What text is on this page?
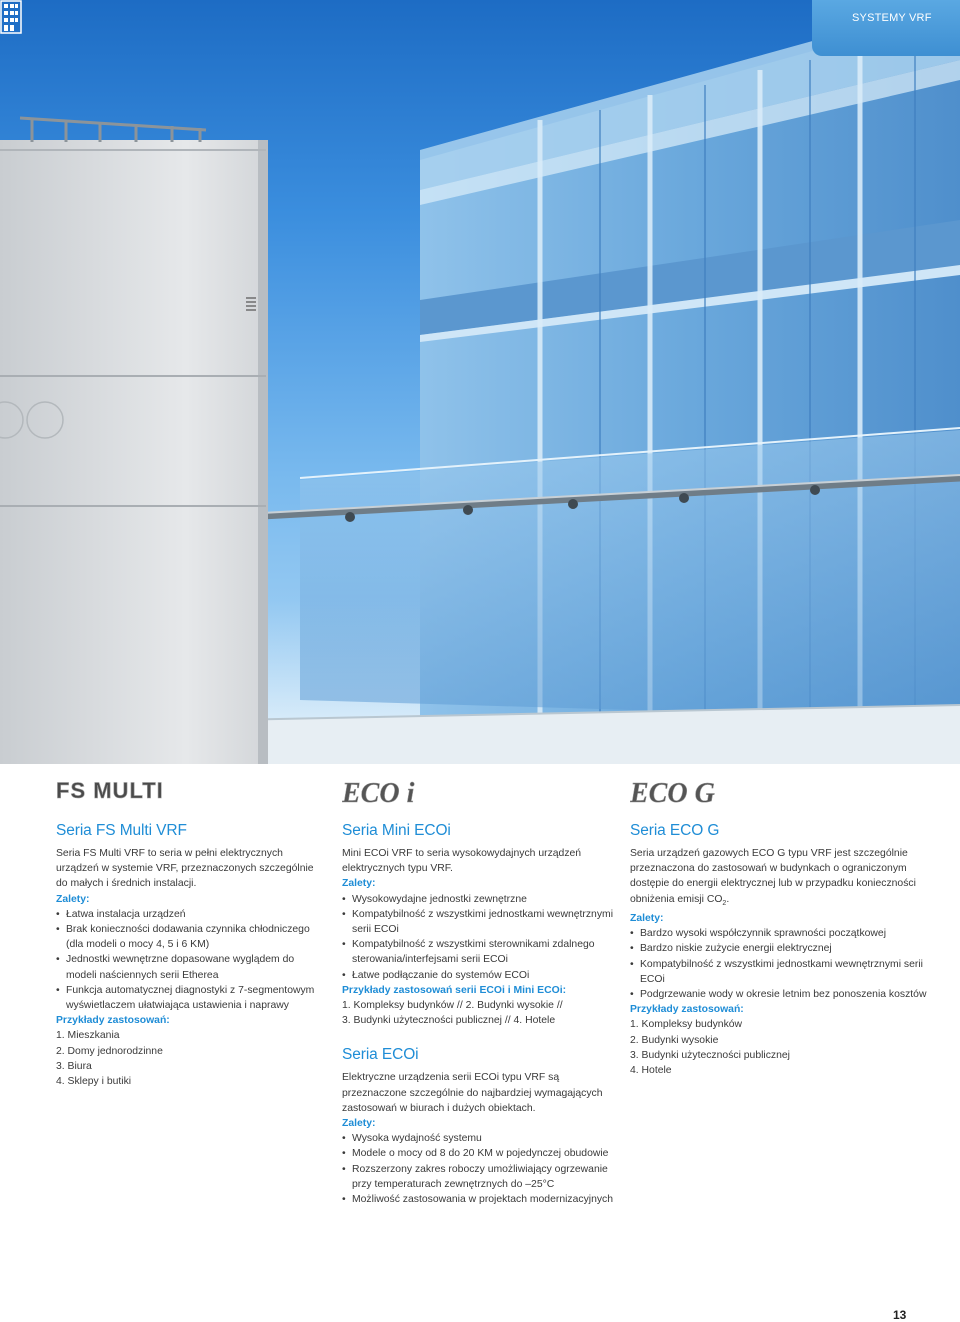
SYSTEMY VRF
FS MULTI
Seria FS Multi VRF

Seria FS Multi VRF to seria w pełni elektrycznych urządzeń w systemie VRF, przeznaczonych szczególnie do małych i średnich instalacji.

Zalety:
• Łatwa instalacja urządzeń
• Brak konieczności dodawania czynnika chłodniczego (dla modeli o mocy 4, 5 i 6 KM)
• Jednostki wewnętrzne dopasowane wyglądem do modeli naściennych serii Etherea
• Funkcja automatycznej diagnostyki z 7-segmentowym wyświetlaczem ułatwiająca ustawienia i naprawy
Przykłady zastosowań:
1. Mieszkania
2. Domy jednorodzinne
3. Biura
4. Sklepy i butiki
ECO i
Seria Mini ECOi

Mini ECOi VRF to seria wysokowydajnych urządzeń elektrycznych typu VRF.

Zalety:
• Wysokowydajne jednostki zewnętrzne
• Kompatybilność z wszystkimi jednostkami wewnętrznymi serii ECOi
• Kompatybilność z wszystkimi sterownikami zdalnego sterowania/interfejsami serii ECOi
• Łatwe podłączanie do systemów ECOi
Przykłady zastosowań serii ECOi i Mini ECOi:
1. Kompleksy budynków // 2. Budynki wysokie //
3. Budynki użyteczności publicznej // 4. Hotele
Seria ECOi

Elektryczne urządzenia serii ECOi typu VRF są przeznaczone szczególnie do najbardziej wymagających zastosowań w biurach i dużych obiektach.

Zalety:
• Wysoka wydajność systemu
• Modele o mocy od 8 do 20 KM w pojedynczej obudowie
• Rozszerzony zakres roboczy umożliwiający ogrzewanie przy temperaturach zewnętrznych do –25°C
• Możliwość zastosowania w projektach modernizacyjnych
ECO G
Seria ECO G

Seria urządzeń gazowych ECO G typu VRF jest szczególnie przeznaczona do zastosowań w budynkach o ograniczonym dostępie do energii elektrycznej lub w przypadku konieczności obniżenia emisji $CO_2$.

Zalety:
• Bardzo wysoki współczynnik sprawności początkowej
• Bardzo niskie zużycie energii elektrycznej
• Kompatybilność z wszystkimi jednostkami wewnętrznymi serii ECOi
• Podgrzewanie wody w okresie letnim bez ponoszenia kosztów
Przykłady zastosowań:
1. Kompleksy budynków
2. Budynki wysokie
3. Budynki użyteczności publicznej
4. Hotele
13
